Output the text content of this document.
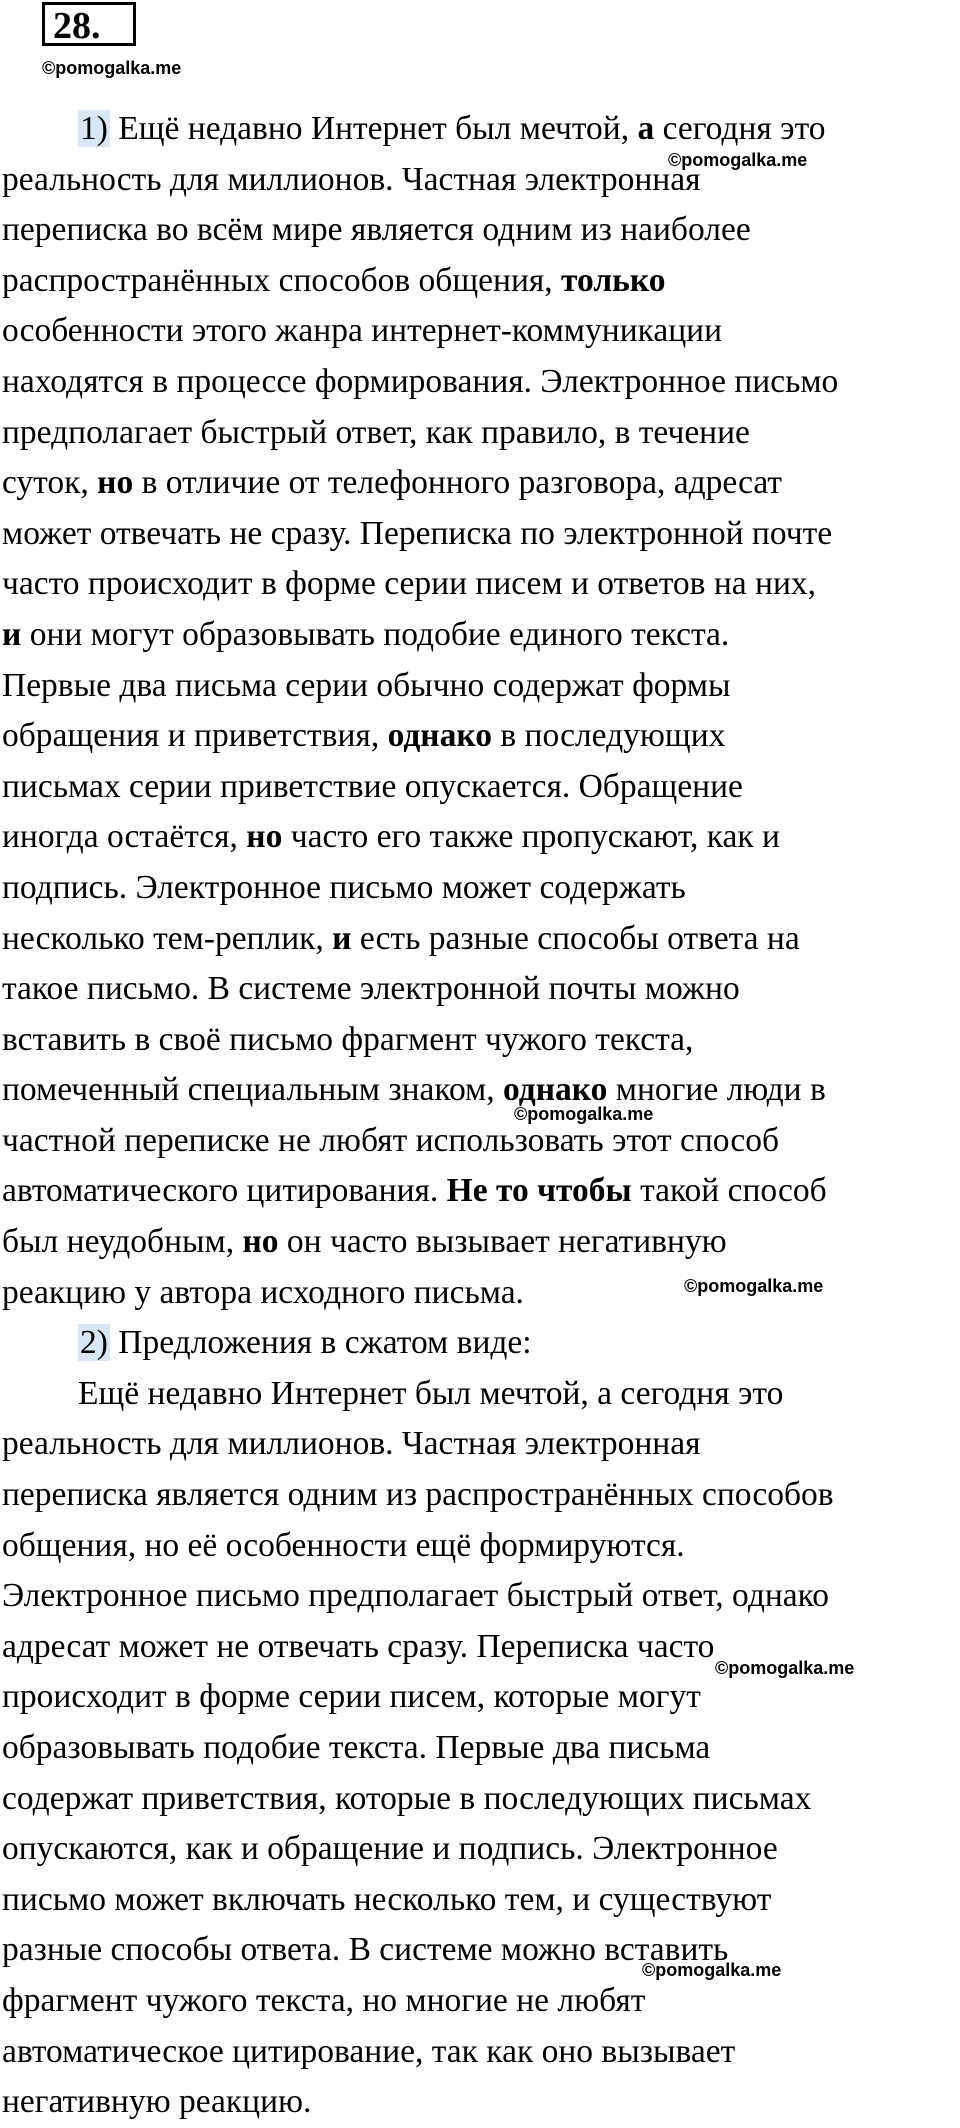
28.
©pomogalka.me
©pomogalka.me
©pomogalka.me
©pomogalka.me
©pomogalka.me
©pomogalka.me
1) Ещё недавно Интернет был мечтой, а сегодня это
реальность для миллионов. Частная электронная
переписка во всём мире является одним из наиболее
распространённых способов общения, только
особенности этого жанра интернет-коммуникации
находятся в процессе формирования. Электронное письмо
предполагает быстрый ответ, как правило, в течение
суток, но в отличие от телефонного разговора, адресат
может отвечать не сразу. Переписка по электронной почте
часто происходит в форме серии писем и ответов на них,
и они могут образовывать подобие единого текста.
Первые два письма серии обычно содержат формы
обращения и приветствия, однако в последующих
письмах серии приветствие опускается. Обращение
иногда остаётся, но часто его также пропускают, как и
подпись. Электронное письмо может содержать
несколько тем-реплик, и есть разные способы ответа на
такое письмо. В системе электронной почты можно
вставить в своё письмо фрагмент чужого текста,
помеченный специальным знаком, однако многие люди в
частной переписке не любят использовать этот способ
автоматического цитирования. Не то чтобы такой способ
был неудобным, но он часто вызывает негативную
реакцию у автора исходного письма.
2) Предложения в сжатом виде:
Ещё недавно Интернет был мечтой, а сегодня это
реальность для миллионов. Частная электронная
переписка является одним из распространённых способов
общения, но её особенности ещё формируются.
Электронное письмо предполагает быстрый ответ, однако
адресат может не отвечать сразу. Переписка часто
происходит в форме серии писем, которые могут
образовывать подобие текста. Первые два письма
содержат приветствия, которые в последующих письмах
опускаются, как и обращение и подпись. Электронное
письмо может включать несколько тем, и существуют
разные способы ответа. В системе можно вставить
фрагмент чужого текста, но многие не любят
автоматическое цитирование, так как оно вызывает
негативную реакцию.
